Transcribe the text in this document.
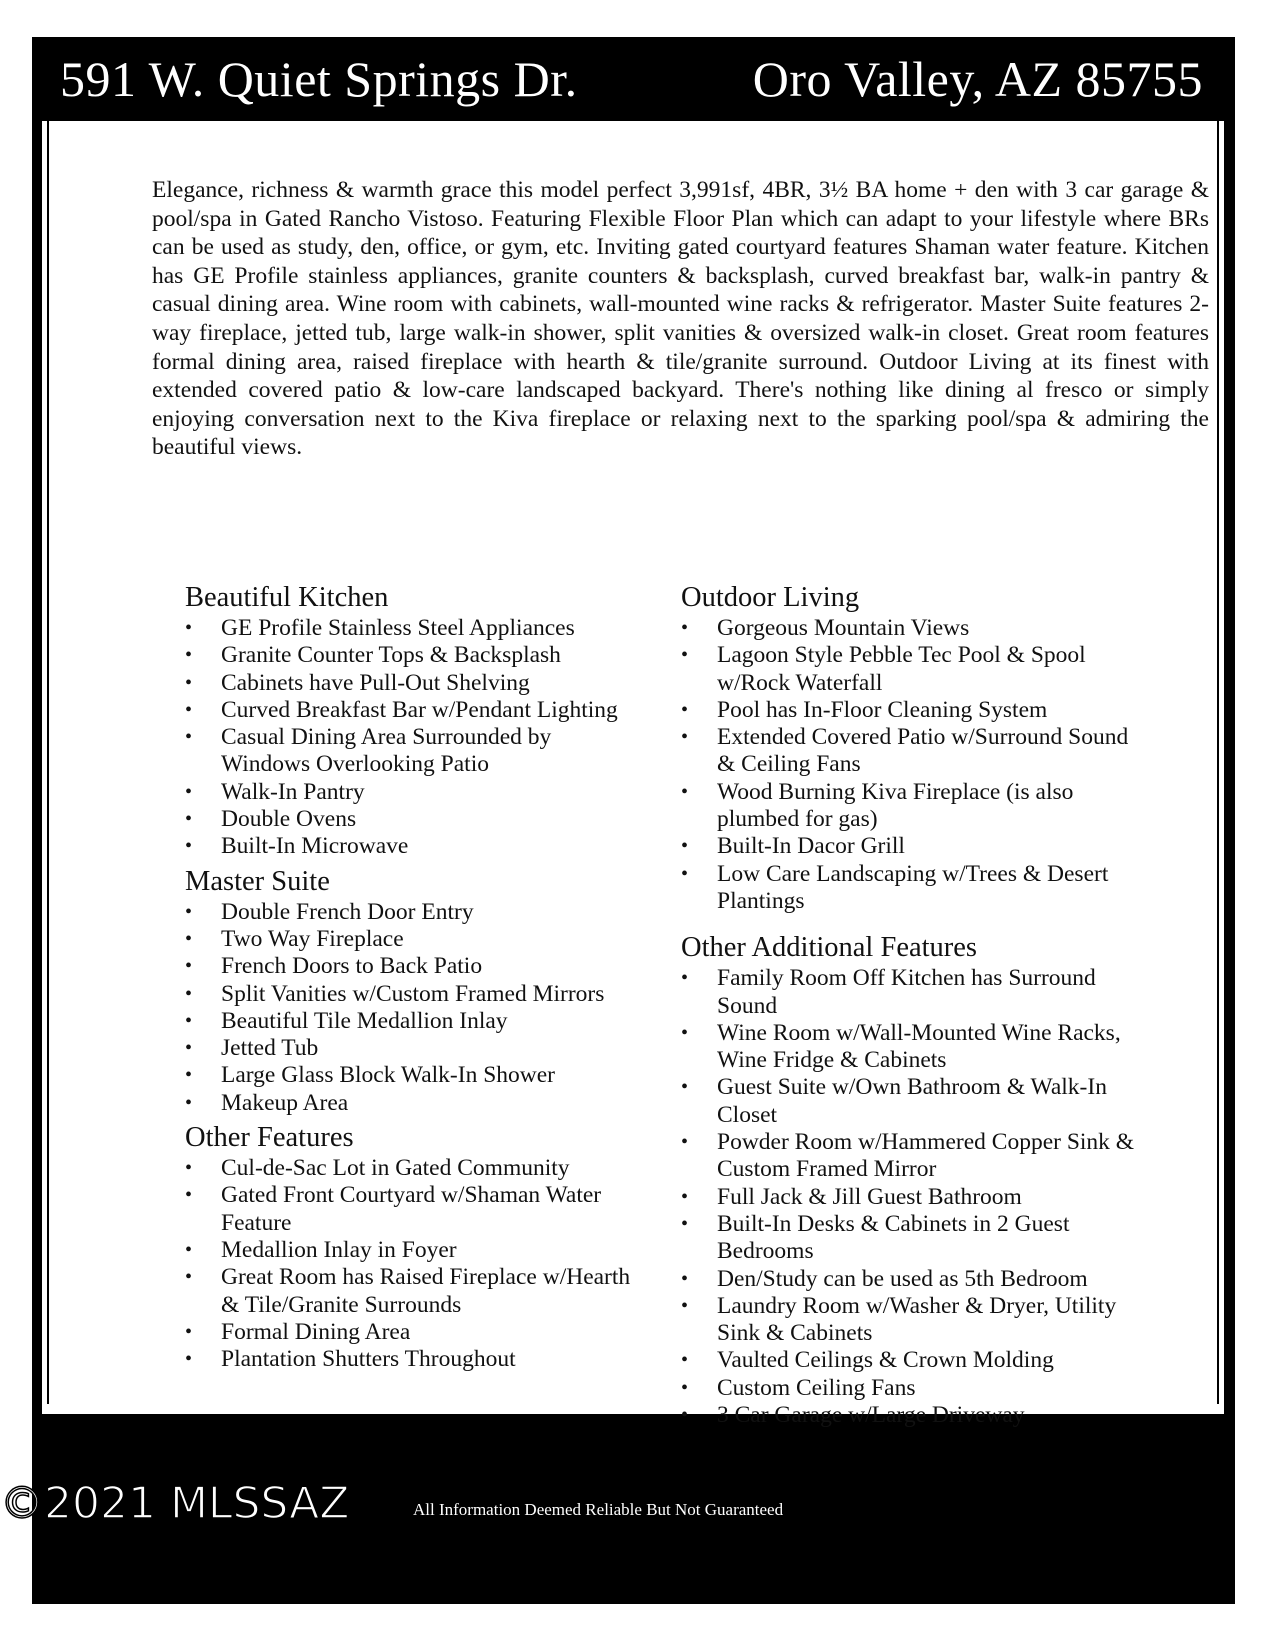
591 W. Quiet Springs Dr.	Oro Valley, AZ 85755

Elegance, richness & warmth grace this model perfect 3,991sf, 4BR, 3½ BA home + den with 3 car garage & pool/spa in Gated Rancho Vistoso. Featuring Flexible Floor Plan which can adapt to your lifestyle where BRs can be used as study, den, office, or gym, etc. Inviting gated courtyard features Shaman water feature. Kitchen has GE Profile stainless appliances, granite counters & backsplash, curved breakfast bar, walk-in pantry & casual dining area. Wine room with cabinets, wall-mounted wine racks & refrigerator. Master Suite features 2-way fireplace, jetted tub, large walk-in shower, split vanities & oversized walk-in closet. Great room features formal dining area, raised fireplace with hearth & tile/granite surround. Outdoor Living at its finest with extended covered patio & low-care landscaped backyard. There's nothing like dining al fresco or simply enjoying conversation next to the Kiva fireplace or relaxing next to the sparking pool/spa & admiring the beautiful views.

Beautiful Kitchen
• GE Profile Stainless Steel Appliances
• Granite Counter Tops & Backsplash
• Cabinets have Pull-Out Shelving
• Curved Breakfast Bar w/Pendant Lighting
• Casual Dining Area Surrounded by Windows Overlooking Patio
• Walk-In Pantry
• Double Ovens
• Built-In Microwave
Master Suite
• Double French Door Entry
• Two Way Fireplace
• French Doors to Back Patio
• Split Vanities w/Custom Framed Mirrors
• Beautiful Tile Medallion Inlay
• Jetted Tub
• Large Glass Block Walk-In Shower
• Makeup Area
Other Features
• Cul-de-Sac Lot in Gated Community
• Gated Front Courtyard w/Shaman Water Feature
• Medallion Inlay in Foyer
• Great Room has Raised Fireplace w/Hearth & Tile/Granite Surrounds
• Formal Dining Area
• Plantation Shutters Throughout
Outdoor Living
• Gorgeous Mountain Views
• Lagoon Style Pebble Tec Pool & Spool w/Rock Waterfall
• Pool has In-Floor Cleaning System
• Extended Covered Patio w/Surround Sound & Ceiling Fans
• Wood Burning Kiva Fireplace (is also plumbed for gas)
• Built-In Dacor Grill
• Low Care Landscaping w/Trees & Desert Plantings
Other Additional Features
• Family Room Off Kitchen has Surround Sound
• Wine Room w/Wall-Mounted Wine Racks, Wine Fridge & Cabinets
• Guest Suite w/Own Bathroom & Walk-In Closet
• Powder Room w/Hammered Copper Sink & Custom Framed Mirror
• Full Jack & Jill Guest Bathroom
• Built-In Desks & Cabinets in 2 Guest Bedrooms
• Den/Study can be used as 5th Bedroom
• Laundry Room w/Washer & Dryer, Utility Sink & Cabinets
• Vaulted Ceilings & Crown Molding
• Custom Ceiling Fans
• 3 Car Garage w/Large Driveway
©2021 MLSSAZ	All Information Deemed Reliable But Not Guaranteed
